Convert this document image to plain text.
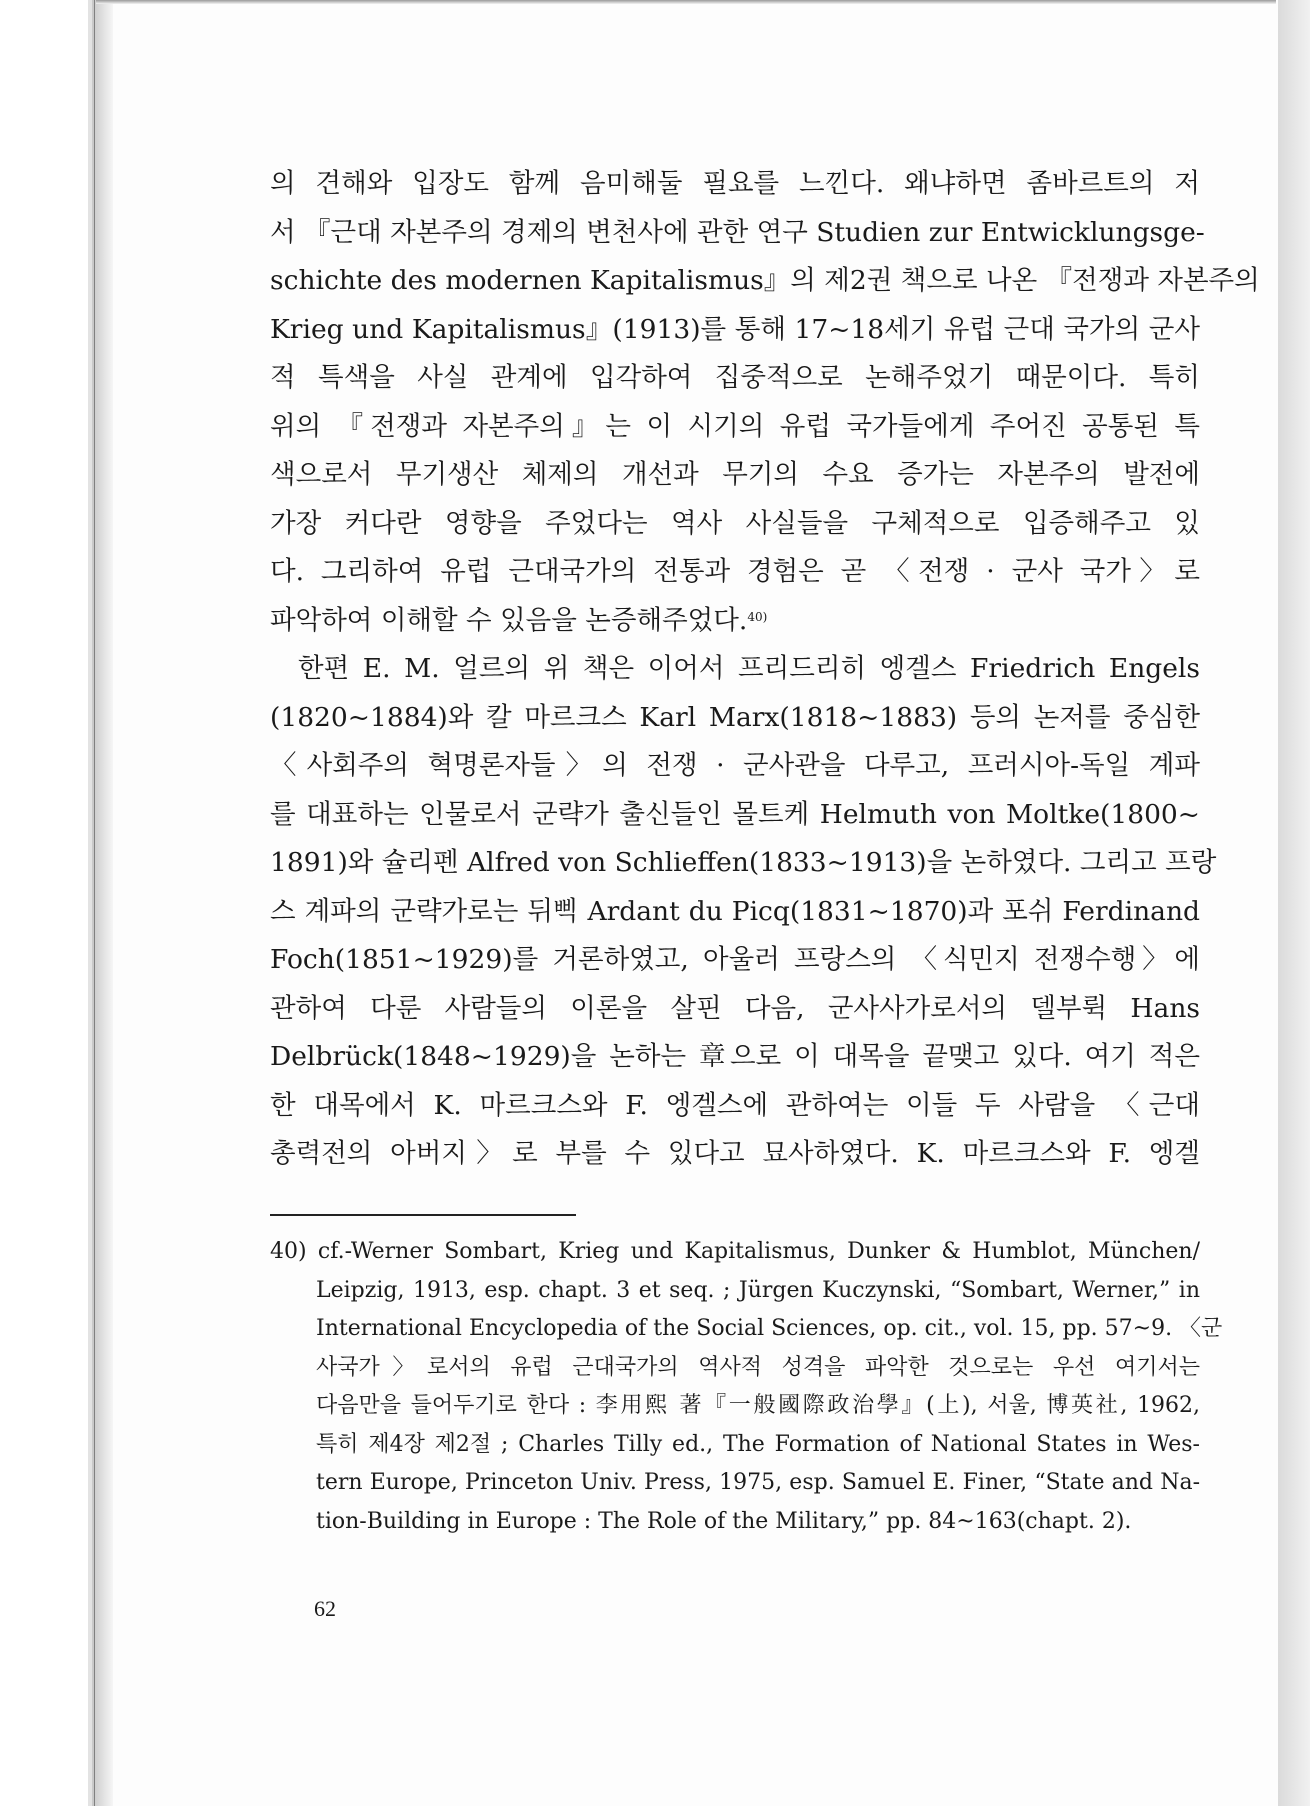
의 견해와 입장도 함께 음미해둘 필요를 느낀다. 왜냐하면 좀바르트의 저
서 『근대 자본주의 경제의 변천사에 관한 연구 Studien zur Entwicklungsge-
schichte des modernen Kapitalismus』의 제2권 책으로 나온 『전쟁과 자본주의
Krieg und Kapitalismus』(1913)를 통해 17~18세기 유럽 근대 국가의 군사
적 특색을 사실 관계에 입각하여 집중적으로 논해주었기 때문이다. 특히
위의 『전쟁과 자본주의』는 이 시기의 유럽 국가들에게 주어진 공통된 특
색으로서 무기생산 체제의 개선과 무기의 수요 증가는 자본주의 발전에
가장 커다란 영향을 주었다는 역사 사실들을 구체적으로 입증해주고 있
다. 그리하여 유럽 근대국가의 전통과 경험은 곧 〈전쟁 · 군사 국가〉로
파악하여 이해할 수 있음을 논증해주었다.$^{40)}$
한편 E. M. 얼르의 위 책은 이어서 프리드리히 엥겔스 Friedrich Engels
(1820~1884)와 칼 마르크스 Karl Marx(1818~1883) 등의 논저를 중심한
〈사회주의 혁명론자들〉의 전쟁 · 군사관을 다루고, 프러시아-독일 계파
를 대표하는 인물로서 군략가 출신들인 몰트케 Helmuth von Moltke(1800~
1891)와 슐리펜 Alfred von Schlieffen(1833~1913)을 논하였다. 그리고 프랑
스 계파의 군략가로는 뒤삑 Ardant du Picq(1831~1870)과 포쉬 Ferdinand
Foch(1851~1929)를 거론하였고, 아울러 프랑스의 〈식민지 전쟁수행〉에
관하여 다룬 사람들의 이론을 살핀 다음, 군사사가로서의 델부뤽 Hans
Delbrück(1848~1929)을 논하는 章으로 이 대목을 끝맺고 있다. 여기 적은
한 대목에서 K. 마르크스와 F. 엥겔스에 관하여는 이들 두 사람을 〈근대
총력전의 아버지〉로 부를 수 있다고 묘사하였다. K. 마르크스와 F. 엥겔
40) cf.-Werner Sombart, Krieg und Kapitalismus, Dunker & Humblot, München/
Leipzig, 1913, esp. chapt. 3 et seq. ; Jürgen Kuczynski, “Sombart, Werner,” in
International Encyclopedia of the Social Sciences, op. cit., vol. 15, pp. 57~9. 〈군
사국가〉로서의 유럽 근대국가의 역사적 성격을 파악한 것으로는 우선 여기서는
다음만을 들어두기로 한다 : 李用熙 著『一般國際政治學』(上), 서울, 博英社, 1962,
특히 제4장 제2절 ; Charles Tilly ed., The Formation of National States in Wes-
tern Europe, Princeton Univ. Press, 1975, esp. Samuel E. Finer, “State and Na-
tion-Building in Europe : The Role of the Military,” pp. 84~163(chapt. 2).
62
